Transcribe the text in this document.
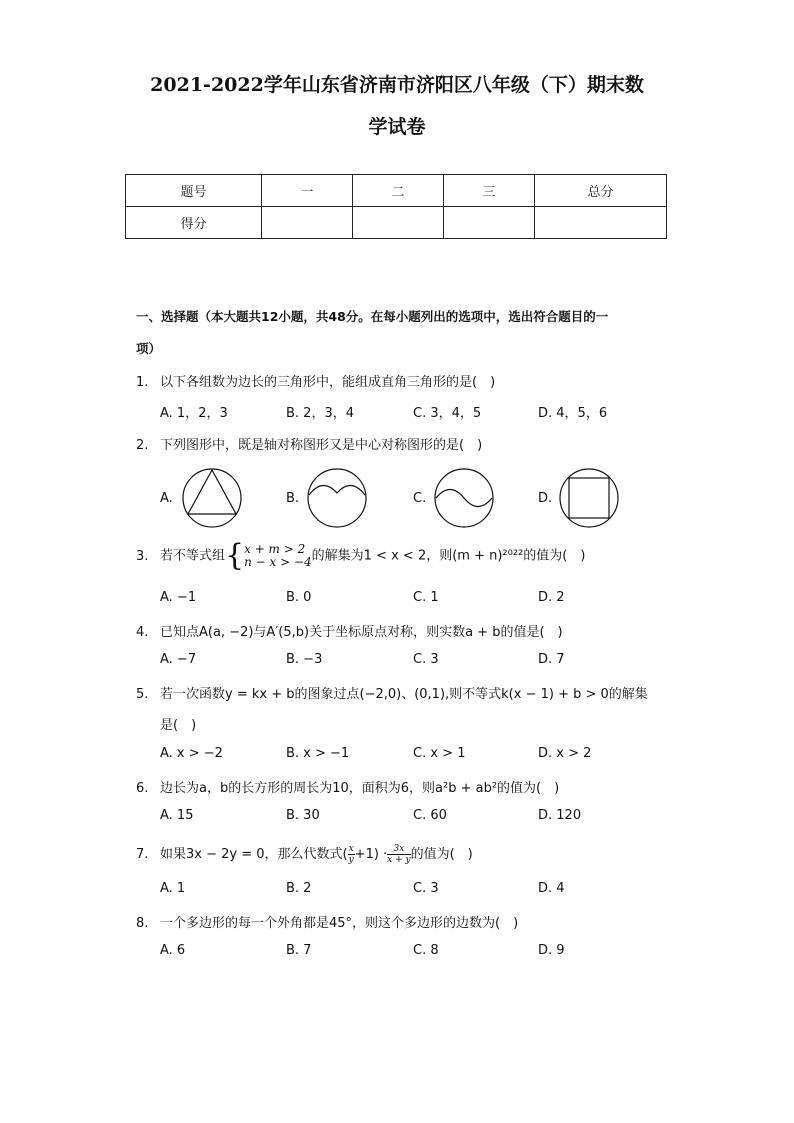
2021-2022学年山东省济南市济阳区八年级（下）期末数
学试卷
题号	一	二	三	总分
得分				
一、选择题（本大题共12小题，共48分。在每小题列出的选项中，选出符合题目的一
项）
1. 以下各组数为边长的三角形中，能组成直角三角形的是(　)
A. 1，2，3	B. 2，3，4	C. 3，4，5	D. 4，5，6
2. 下列图形中，既是轴对称图形又是中心对称图形的是(　)
A.	B.	C.	D.
3. 若不等式组{ x + m > 2
n − x > −4 的解集为1 < x < 2，则(m + n)²⁰²²的值为(　)
A. −1	B. 0	C. 1	D. 2
4. 已知点A(a, −2)与A′(5,b)关于坐标原点对称，则实数a + b的值是(　)
A. −7	B. −3	C. 3	D. 7
5. 若一次函数y = kx + b的图象过点(−2,0)、(0,1),则不等式k(x − 1) + b > 0的解集
是(　)
A. x > −2	B. x > −1	C. x > 1	D. x > 2
6. 边长为a，b的长方形的周长为10，面积为6，则a²b + ab²的值为(　)
A. 15	B. 30	C. 60	D. 120
7. 如果3x − 2y = 0，那么代数式( $\frac{x}{y} +1) \cdot \frac{3x}{x + y}$ 的值为(　)
A. 1	B. 2	C. 3	D. 4
8. 一个多边形的每一个外角都是45°，则这个多边形的边数为(　)
A. 6	B. 7	C. 8	D. 9
